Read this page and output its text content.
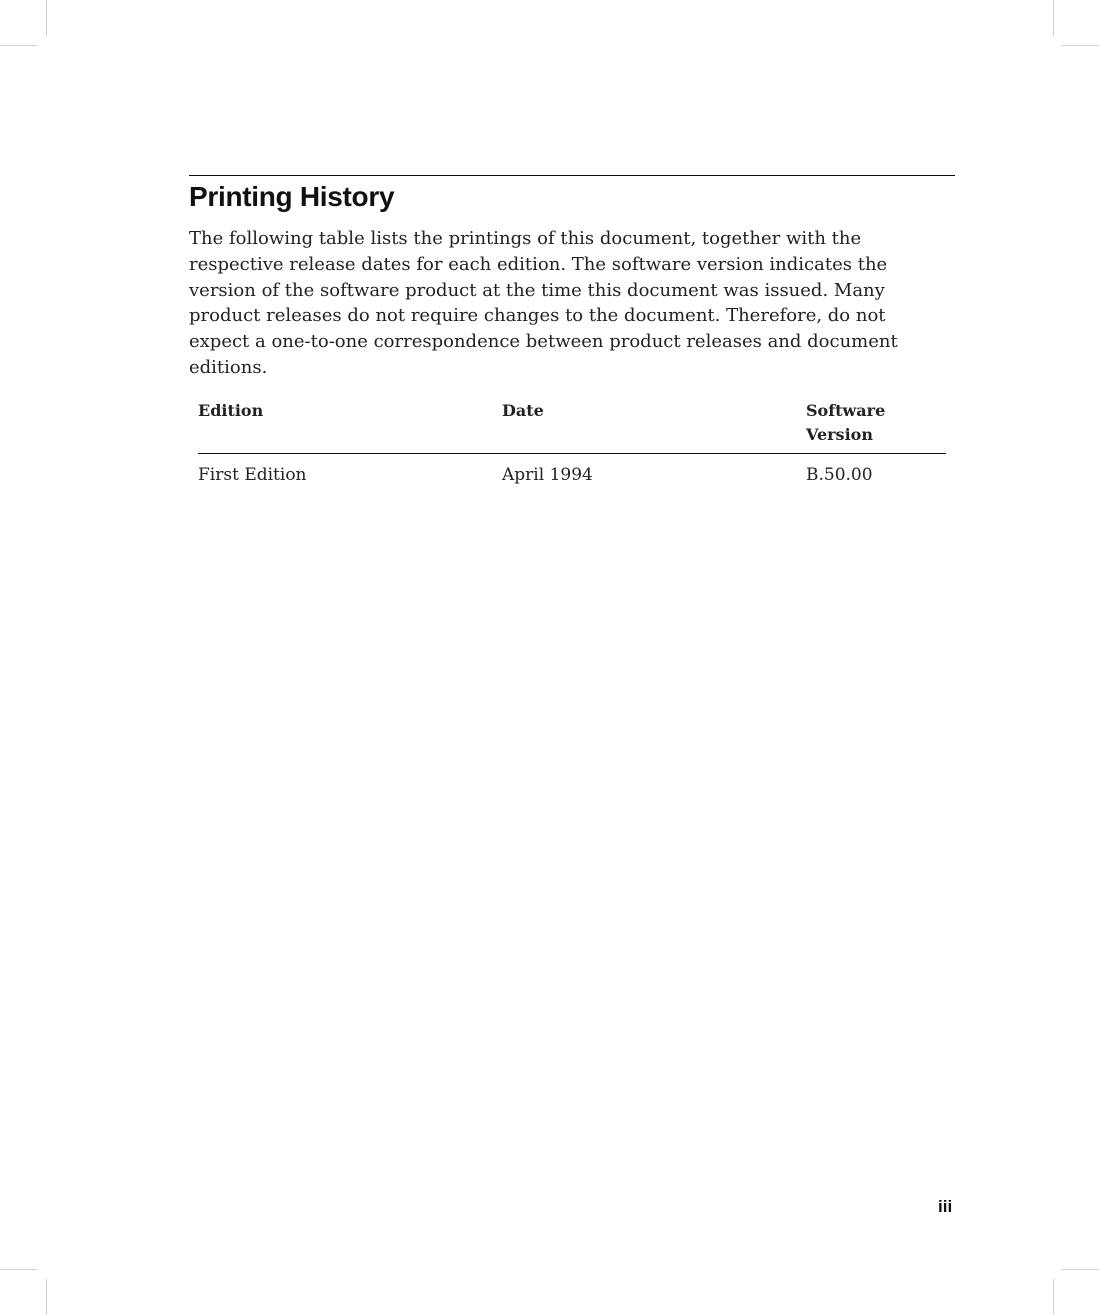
Printing History

The following table lists the printings of this document, together with the respective release dates for each edition. The software version indicates the version of the software product at the time this document was issued. Many product releases do not require changes to the document. Therefore, do not expect a one-to-one correspondence between product releases and document editions.

Edition	Date	Software
Version
First Edition	April 1994	B.50.00
iii
